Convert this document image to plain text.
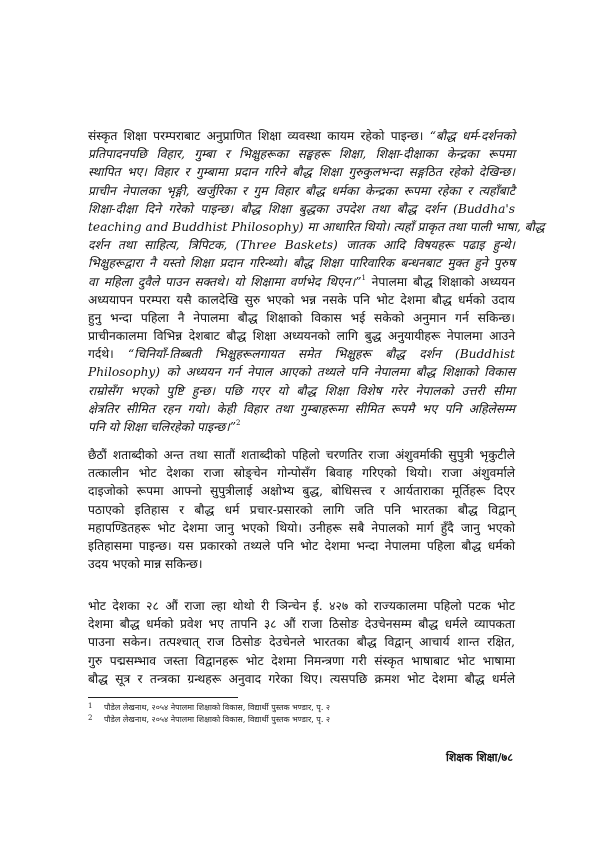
संस्कृत शिक्षा परम्पराबाट अनुप्राणित शिक्षा व्यवस्था कायम रहेको पाइन्छ। “बौद्ध धर्म-दर्शनको
प्रतिपादनपछि विहार, गुम्बा र भिक्षुहरूका सङ्घहरू शिक्षा, शिक्षा-दीक्षाका केन्द्रका रूपमा
स्थापित भए। विहार र गुम्बामा प्रदान गरिने बौद्ध शिक्षा गुरुकुलभन्दा सङ्गठित रहेको देखिन्छ।
प्राचीन नेपालका भृङ्गी, खर्जुरिका र गुम विहार बौद्ध धर्मका केन्द्रका रूपमा रहेका र त्यहाँबाटै
शिक्षा-दीक्षा दिने गरेको पाइन्छ। बौद्ध शिक्षा बुद्धका उपदेश तथा बौद्ध दर्शन (Buddha's
teaching and Buddhist Philosophy) मा आधारित थियो। त्यहाँ प्राकृत तथा पाली भाषा, बौद्ध
दर्शन तथा साहित्य, त्रिपिटक, (Three Baskets) जातक आदि विषयहरू पढाइ हुन्थे।
भिक्षुहरूद्वारा नै यस्तो शिक्षा प्रदान गरिन्थ्यो। बौद्ध शिक्षा पारिवारिक बन्धनबाट मुक्त हुने पुरुष
वा महिला दुवैले पाउन सक्तथे। यो शिक्षामा वर्णभेद थिएन।”$^1$ नेपालमा बौद्ध शिक्षाको अध्ययन
अध्ययापन परम्परा यसै कालदेखि सुरु भएको भन्न नसके पनि भोट देशमा बौद्ध धर्मको उदाय
हुनु भन्दा पहिला नै नेपालमा बौद्ध शिक्षाको विकास भई सकेको अनुमान गर्न सकिन्छ।
प्राचीनकालमा विभिन्न देशबाट बौद्ध शिक्षा अध्ययनको लागि बुद्ध अनुयायीहरू नेपालमा आउने
गर्दथे। “चिनियाँ-तिब्बती भिक्षुहरूलगायत समेत भिक्षुहरू बौद्ध दर्शन (Buddhist
Philosophy) को अध्ययन गर्न नेपाल आएको तथ्यले पनि नेपालमा बौद्ध शिक्षाको विकास
राम्रोसँग भएको पुष्टि हुन्छ। पछि गएर यो बौद्ध शिक्षा विशेष गरेर नेपालको उत्तरी सीमा
क्षेत्रतिर सीमित रहन गयो। केही विहार तथा गुम्बाहरूमा सीमित रूपमै भए पनि अहिलेसम्म
पनि यो शिक्षा चलिरहेको पाइन्छ।”$^2$
छैठौं शताब्दीको अन्त तथा सातौं शताब्दीको पहिलो चरणतिर राजा अंशुवर्माकी सुपुत्री भृकुटीले
तत्कालीन भोट देशका राजा स्रोङ्चेन गोन्पोसँग बिवाह गरिएको थियो। राजा अंशुवर्माले
दाइजोको रूपमा आफ्नो सुपुत्रीलाई अक्षोभ्य बुद्ध, बोधिसत्त्व र आर्यताराका मूर्तिहरू दिएर
पठाएको इतिहास र बौद्ध धर्म प्रचार-प्रसारको लागि जति पनि भारतका बौद्ध विद्वान्
महापण्डितहरू भोट देशमा जानु भएको थियो। उनीहरू सबै नेपालको मार्ग हुँदै जानु भएको
इतिहासमा पाइन्छ। यस प्रकारको तथ्यले पनि भोट देशमा भन्दा नेपालमा पहिला बौद्ध धर्मको
उदय भएको मान्न सकिन्छ।
भोट देशका २८ औं राजा ल्हा थोथो री ञिन्चेन ई. ४२७ को राज्यकालमा पहिलो पटक भोट
देशमा बौद्ध धर्मको प्रवेश भए तापनि ३८ औं राजा ठिसोङ देउचेनसम्म बौद्ध धर्मले व्यापकता
पाउना सकेन। तत्पश्चात् राज ठिसोङ देउचेनले भारतका बौद्ध विद्वान् आचार्य शान्त रक्षित,
गुरु पद्मसम्भाव जस्ता विद्वानहरू भोट देशमा निमन्त्रणा गरी संस्कृत भाषाबाट भोट भाषामा
बौद्ध सूत्र र तन्त्रका ग्रन्थहरू अनुवाद गरेका थिए। त्यसपछि क्रमश भोट देशमा बौद्ध धर्मले
1 पौडेल लेखनाथ, २०५४ नेपालमा शिक्षाको विकास, विद्यार्थी पुस्तक भण्डार, पृ. २
2 पौडेल लेखनाथ, २०५४ नेपालमा शिक्षाको विकास, विद्यार्थी पुस्तक भण्डार, पृ. २
शिक्षक शिक्षा/७८
